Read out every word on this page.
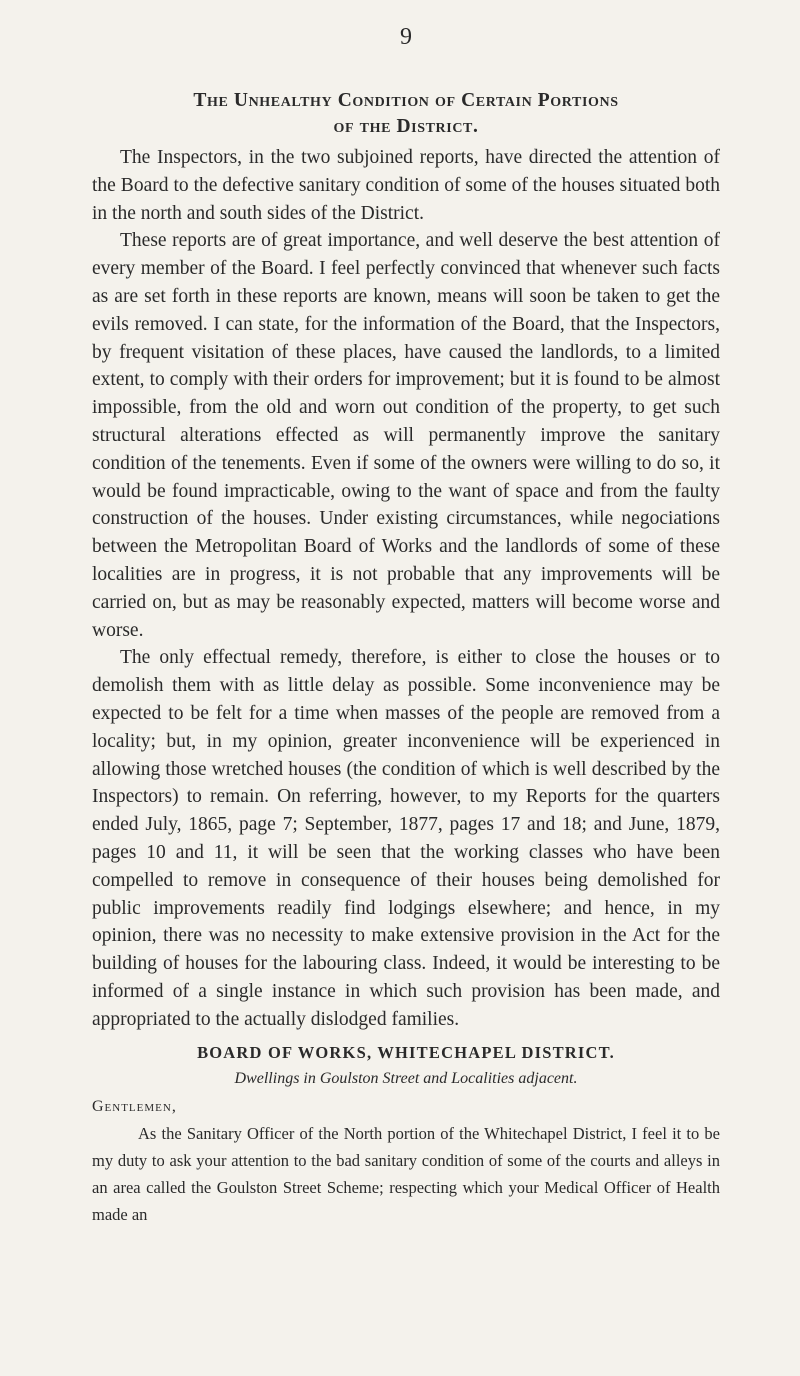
9
The Unhealthy Condition of Certain Portions
of the District.

The Inspectors, in the two subjoined reports, have directed the attention of the Board to the defective sanitary condition of some of the houses situated both in the north and south sides of the District.

These reports are of great importance, and well deserve the best attention of every member of the Board. I feel perfectly convinced that whenever such facts as are set forth in these reports are known, means will soon be taken to get the evils removed. I can state, for the information of the Board, that the Inspectors, by frequent visitation of these places, have caused the landlords, to a limited extent, to comply with their orders for improvement; but it is found to be almost impossible, from the old and worn out condition of the property, to get such structural alterations effected as will permanently improve the sanitary condition of the tenements. Even if some of the owners were willing to do so, it would be found impracticable, owing to the want of space and from the faulty construction of the houses. Under existing circumstances, while negociations between the Metropolitan Board of Works and the landlords of some of these localities are in progress, it is not probable that any improvements will be carried on, but as may be reasonably expected, matters will become worse and worse.

The only effectual remedy, therefore, is either to close the houses or to demolish them with as little delay as possible. Some inconvenience may be expected to be felt for a time when masses of the people are removed from a locality; but, in my opinion, greater inconvenience will be experienced in allowing those wretched houses (the condition of which is well described by the Inspectors) to remain. On referring, however, to my Reports for the quarters ended July, 1865, page 7; September, 1877, pages 17 and 18; and June, 1879, pages 10 and 11, it will be seen that the working classes who have been compelled to remove in consequence of their houses being demolished for public improvements readily find lodgings elsewhere; and hence, in my opinion, there was no necessity to make extensive provision in the Act for the building of houses for the labouring class. Indeed, it would be interesting to be informed of a single instance in which such provision has been made, and appropriated to the actually dislodged families.

BOARD OF WORKS, WHITECHAPEL DISTRICT.
Dwellings in Goulston Street and Localities adjacent.
Gentlemen,

As the Sanitary Officer of the North portion of the Whitechapel District, I feel it to be my duty to ask your attention to the bad sanitary condition of some of the courts and alleys in an area called the Goulston Street Scheme; respecting which your Medical Officer of Health made an
